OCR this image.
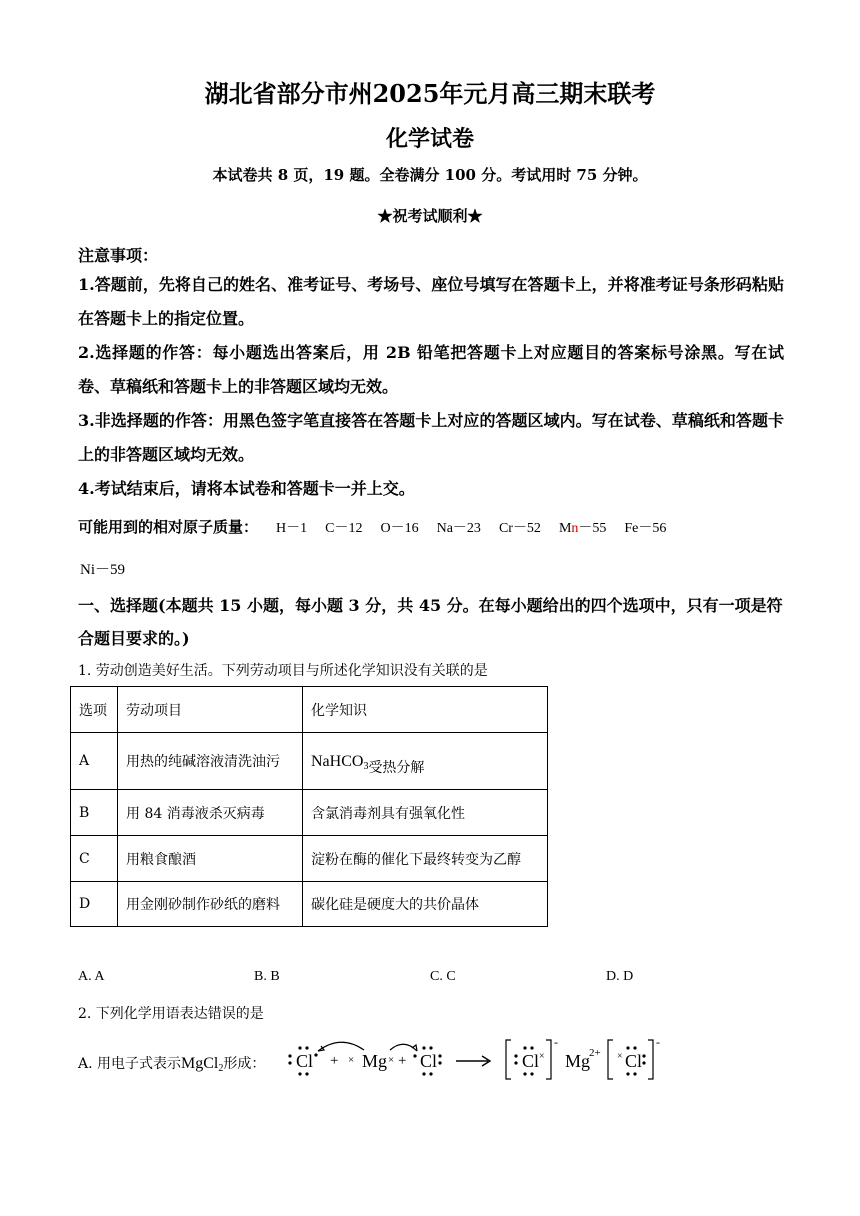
湖北省部分市州2025年元月高三期末联考
化学试卷
本试卷共 8 页，19 题。全卷满分 100 分。考试用时 75 分钟。
★祝考试顺利★
注意事项：
1.答题前，先将自己的姓名、准考证号、考场号、座位号填写在答题卡上，并将准考证号条形码粘贴在答题卡上的指定位置。
2.选择题的作答：每小题选出答案后，用 2B 铅笔把答题卡上对应题目的答案标号涂黑。写在试卷、草稿纸和答题卡上的非答题区域均无效。
3.非选择题的作答：用黑色签字笔直接答在答题卡上对应的答题区域内。写在试卷、草稿纸和答题卡上的非答题区域均无效。
4.考试结束后，请将本试卷和答题卡一并上交。
可能用到的相对原子质量： H－1 C－12 O－16 Na－23 Cr－52 Mn－55 Fe－56
Ni－59
一、选择题(本题共 15 小题，每小题 3 分，共 45 分。在每小题给出的四个选项中，只有一项是符合题目要求的。)
1. 劳动创造美好生活。下列劳动项目与所述化学知识没有关联的是
选项	劳动项目	化学知识
A	用热的纯碱溶液清洗油污	NaHCO$_3$受热分解
B	用 84 消毒液杀灭病毒	含氯消毒剂具有强氧化性
C	用粮食酿酒	淀粉在酶的催化下最终转变为乙醇
D	用金刚砂制作砂纸的磨料	碳化硅是硬度大的共价晶体
A. A	B. B	C. C	D. D
2. 下列化学用语表达错误的是
A. 用电子式表示MgCl$_2$形成： Cl + × Mg × + Cl	Cl ×
-
Mg
2+ × Cl
-
